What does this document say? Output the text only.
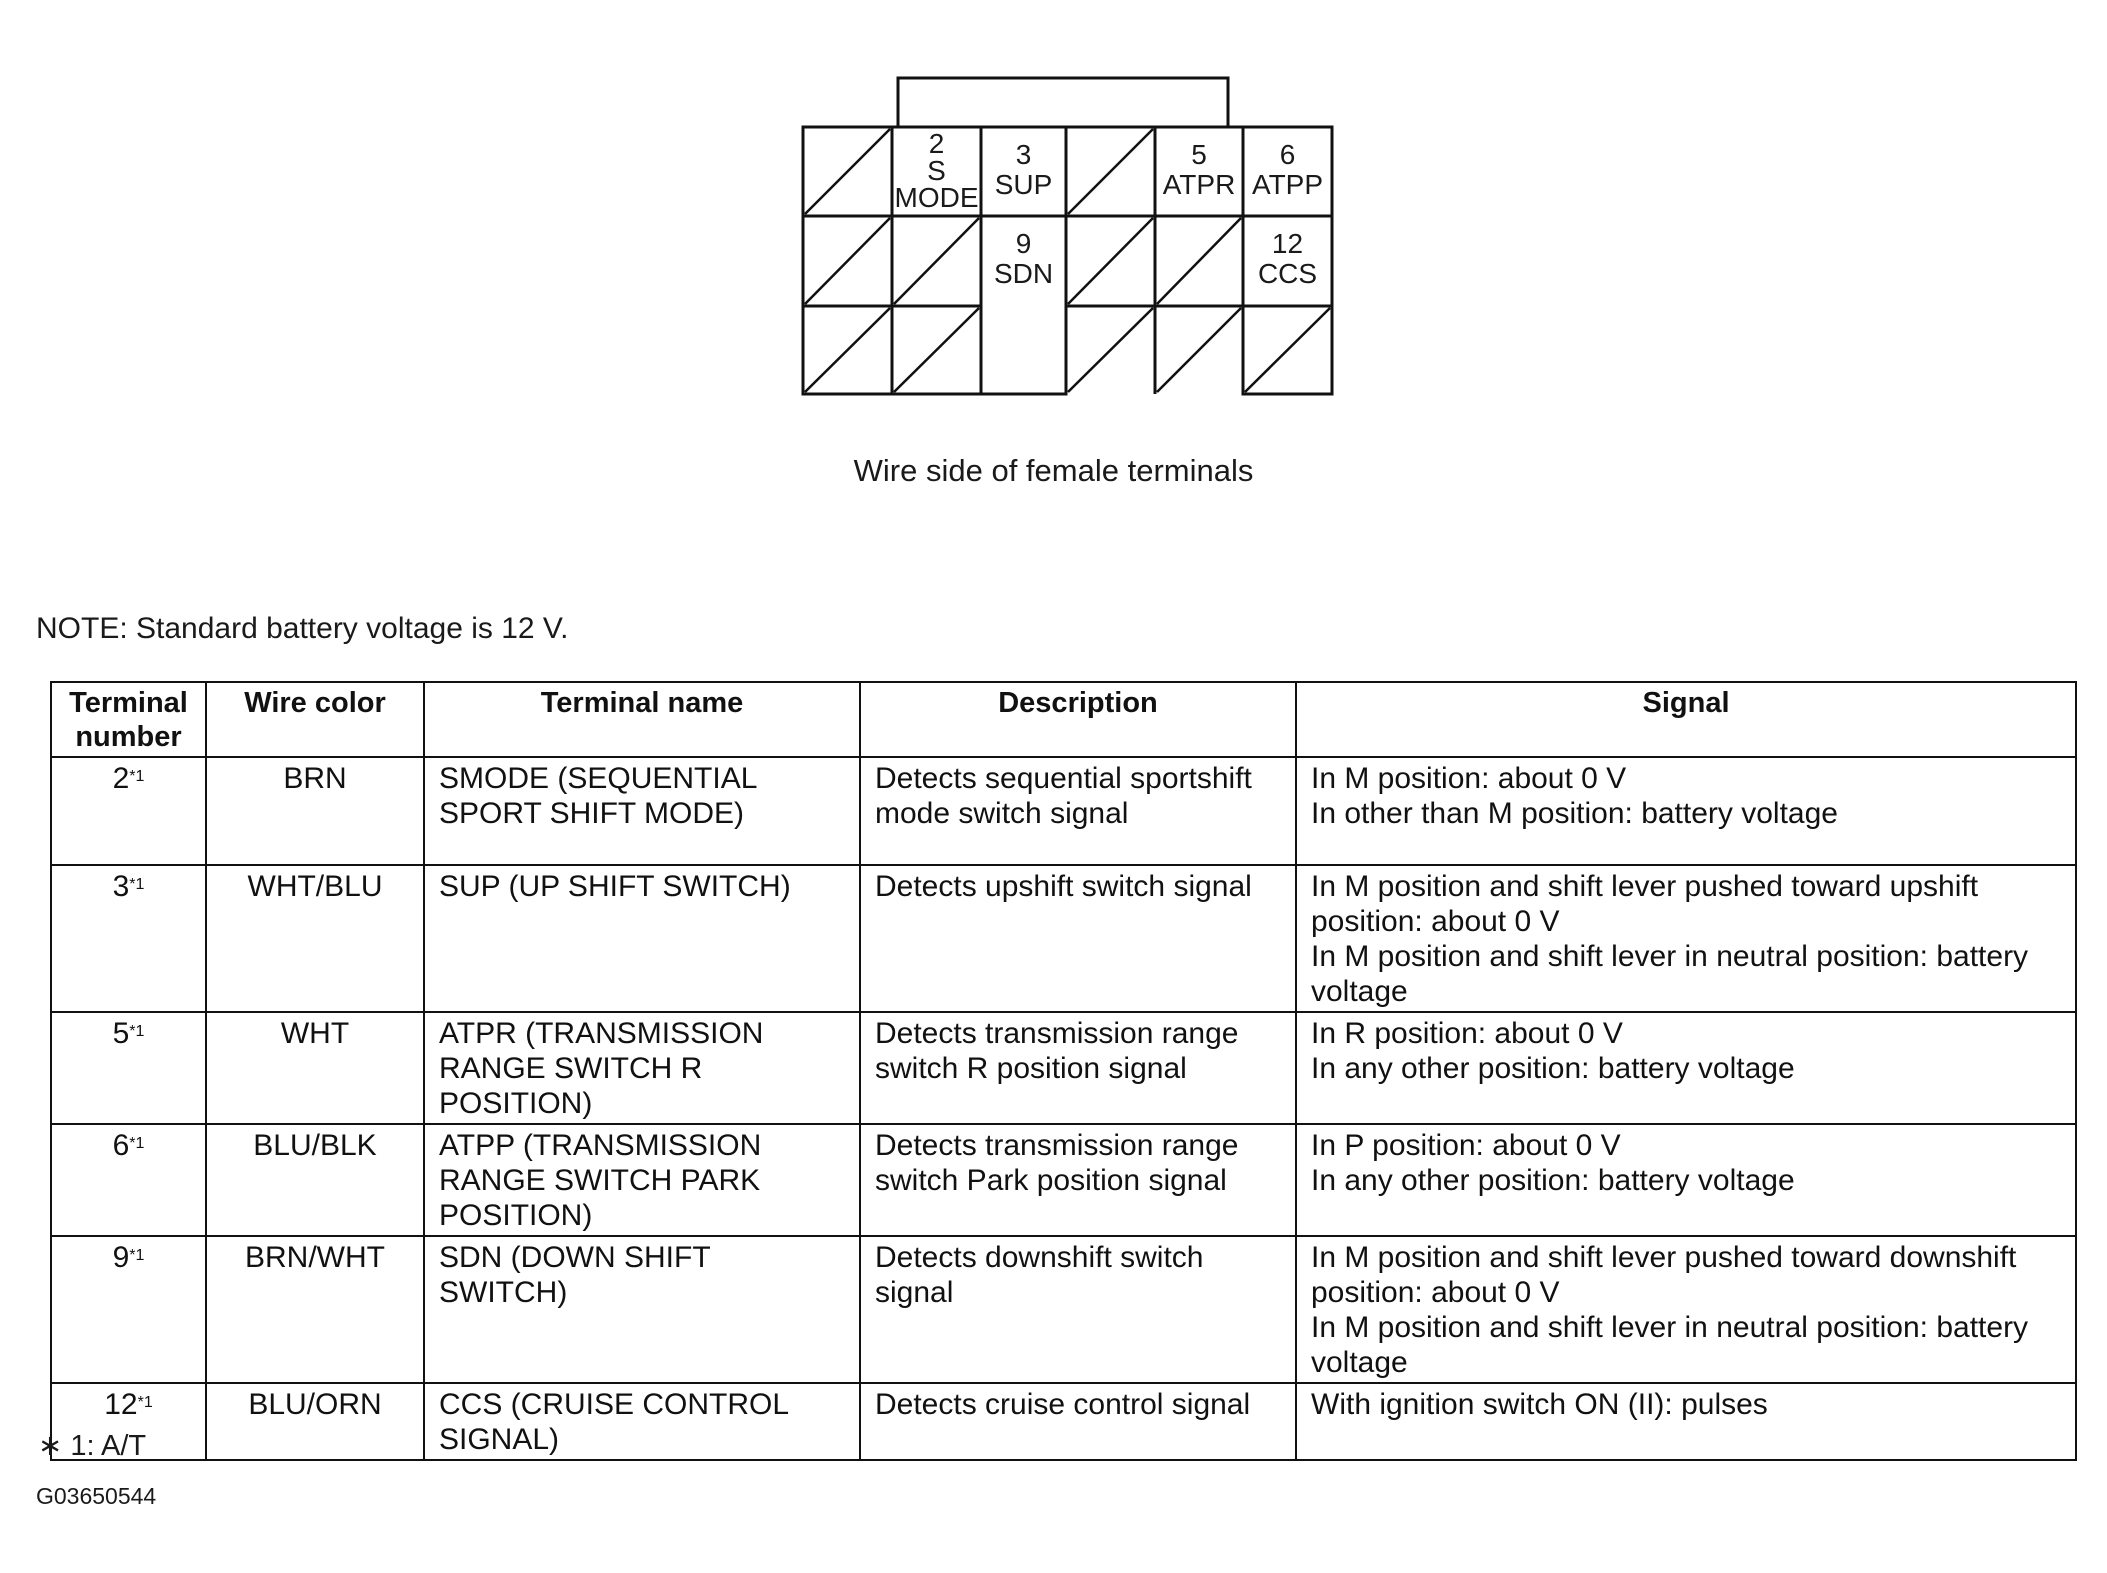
2
S
MODE
3
SUP
5
ATPR
6
ATPP
9
SDN
12
CCS
Wire side of female terminals
NOTE: Standard battery voltage is 12 V.
Terminal number	Wire color	Terminal name	Description	Signal
2$^{*1}$	BRN	SMODE (SEQUENTIAL SPORT SHIFT MODE)	Detects sequential sportshift mode switch signal	In M position: about 0 V
In other than M position: battery voltage

3$^{*1}$	WHT/BLU	SUP (UP SHIFT SWITCH)	Detects upshift switch signal	In M position and shift lever pushed toward upshift position: about 0 V
In M position and shift lever in neutral position: battery voltage

5$^{*1}$	WHT	ATPR (TRANSMISSION RANGE SWITCH R POSITION)	Detects transmission range switch R position signal	In R position: about 0 V
In any other position: battery voltage

6$^{*1}$	BLU/BLK	ATPP (TRANSMISSION RANGE SWITCH PARK POSITION)	Detects transmission range switch Park position signal	In P position: about 0 V
In any other position: battery voltage

9$^{*1}$	BRN/WHT	SDN (DOWN SHIFT SWITCH)	Detects downshift switch signal	In M position and shift lever pushed toward downshift position: about 0 V
In M position and shift lever in neutral position: battery voltage

12$^{*1}$	BLU/ORN	CCS (CRUISE CONTROL SIGNAL)	Detects cruise control signal	With ignition switch ON (II): pulses
∗ 1: A/T
G03650544
